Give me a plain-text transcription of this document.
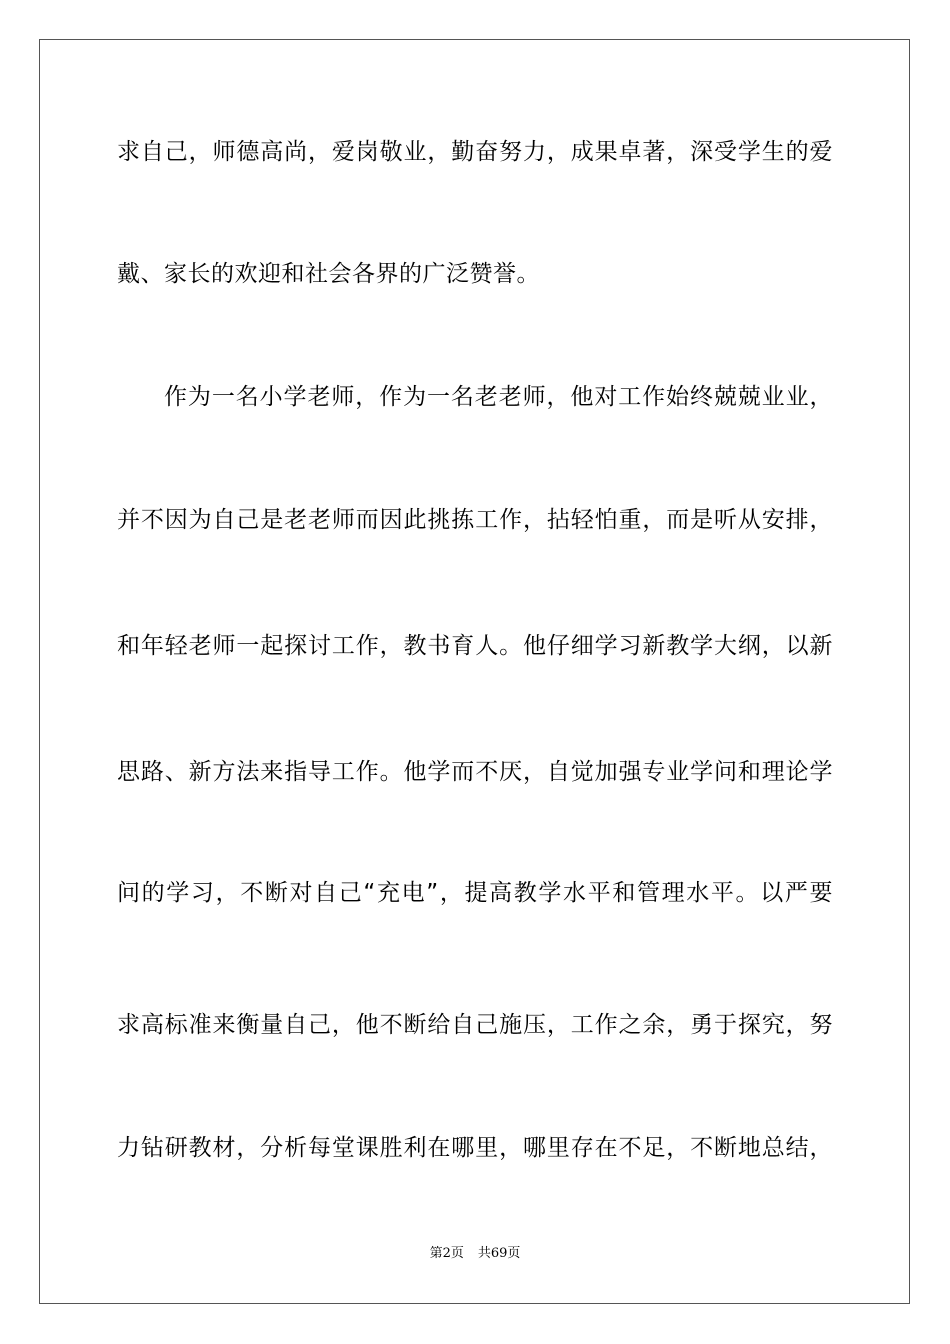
求自己，师德高尚，爱岗敬业，勤奋努力，成果卓著，深受学生的爱
戴、家长的欢迎和社会各界的广泛赞誉。
作为一名小学老师，作为一名老老师，他对工作始终兢兢业业，
并不因为自己是老老师而因此挑拣工作，拈轻怕重，而是听从安排，
和年轻老师一起探讨工作，教书育人。他仔细学习新教学大纲，以新
思路、新方法来指导工作。他学而不厌，自觉加强专业学问和理论学
问的学习，不断对自己“充电”，提高教学水平和管理水平。以严要
求高标准来衡量自己，他不断给自己施压，工作之余，勇于探究，努
力钻研教材，分析每堂课胜利在哪里，哪里存在不足，不断地总结，
第2页 共69页
